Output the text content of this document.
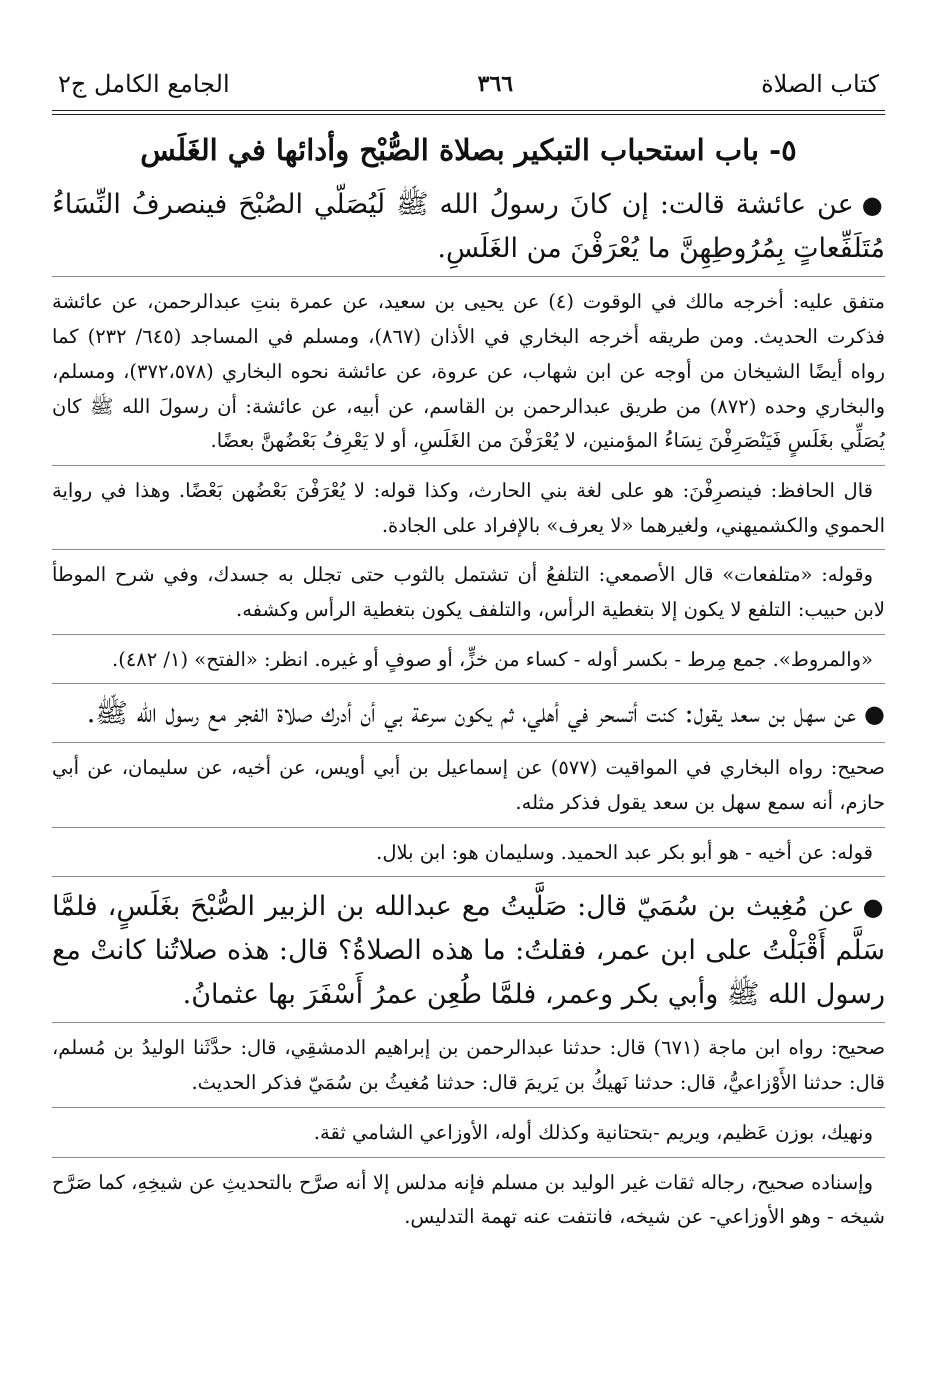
كتاب الصلاة
٣٦٦
الجامع الكامل ج٢
٥- باب استحباب التبكير بصلاة الصُّبْح وأدائها في الغَلَس

●عن عائشة قالت: إن كانَ رسولُ الله ﷺ لَيُصَلّي الصُبْحَ فينصرفُ النِّسَاءُ مُتَلَفِّعاتٍ بِمُرُوطِهِنَّ ما يُعْرَفْنَ من الغَلَسِ.

متفق عليه: أخرجه مالك في الوقوت (٤) عن يحيى بن سعيد، عن عمرة بنتِ عبدالرحمن، عن عائشة فذكرت الحديث. ومن طريقه أخرجه البخاري في الأذان (٨٦٧)، ومسلم في المساجد (٦٤٥/ ٢٣٢) كما رواه أيضًا الشيخان من أوجه عن ابن شهاب، عن عروة، عن عائشة نحوه البخاري (٣٧٢،٥٧٨)، ومسلم، والبخاري وحده (٨٧٢) من طريق عبدالرحمن بن القاسم، عن أبيه، عن عائشة: أن رسولَ الله ﷺ كان يُصَلِّي بغَلَسٍ فَيَنْصَرِفْنَ نِسَاءُ المؤمنين، لا يُعْرَفْنَ من الغَلَسِ، أو لا يَعْرِفُ بَعْضُهنَّ بعضًا.

قال الحافظ: فينصرِفْنَ: هو على لغة بني الحارث، وكذا قوله: لا يُعْرَفْنَ بَعْضُهن بَعْضًا. وهذا في رواية الحموي والكشميهني، ولغيرهما «لا يعرف» بالإفراد على الجادة.

وقوله: «متلفعات» قال الأصمعي: التلفعُ أن تشتمل بالثوب حتى تجلل به جسدك، وفي شرح الموطأ لابن حبيب: التلفع لا يكون إلا بتغطية الرأس، والتلفف يكون بتغطية الرأس وكشفه.

«والمروط». جمع مِرط - بكسر أوله - كساء من خزٍّ، أو صوفٍ أو غيره. انظر: «الفتح» (١/ ٤٨٢).

●عن سهل بن سعد يقول: كنت أتسحر في أهلي، ثم يكون سرعة بي أن أدرك صلاة الفجر مع رسول الله ﷺ.

صحيح: رواه البخاري في المواقيت (٥٧٧) عن إسماعيل بن أبي أويس، عن أخيه، عن سليمان، عن أبي حازم، أنه سمع سهل بن سعد يقول فذكر مثله.

قوله: عن أخيه - هو أبو بكر عبد الحميد. وسليمان هو: ابن بلال.

●عن مُغِيث بن سُمَيّ قال: صَلَّيتُ مع عبدالله بن الزبير الصُّبْحَ بغَلَسٍ، فلمَّا سَلَّم أَقْبَلْتُ على ابن عمر، فقلتُ: ما هذه الصلاةُ؟ قال: هذه صلاتُنا كانتْ مع رسول الله ﷺ وأبي بكر وعمر، فلمَّا طُعِن عمرُ أَسْفَرَ بها عثمانُ.

صحيح: رواه ابن ماجة (٦٧١) قال: حدثنا عبدالرحمن بن إبراهيم الدمشقِي، قال: حدَّثَنا الوليدُ بن مُسلم، قال: حدثنا الأَوْزاعيُّ، قال: حدثنا نَهيكُ بن يَريمَ قال: حدثنا مُغيثُ بن سُمَيّ فذكر الحديث.

ونهيك، بوزن عَظيم، ويريم -بتحتانية وكذلك أوله، الأوزاعي الشامي ثقة.

وإسناده صحيح، رجاله ثقات غير الوليد بن مسلم فإنه مدلس إلا أنه صرَّح بالتحديثِ عن شيخِهِ، كما صَرَّح شيخه - وهو الأوزاعي- عن شيخه، فانتفت عنه تهمة التدليس.
